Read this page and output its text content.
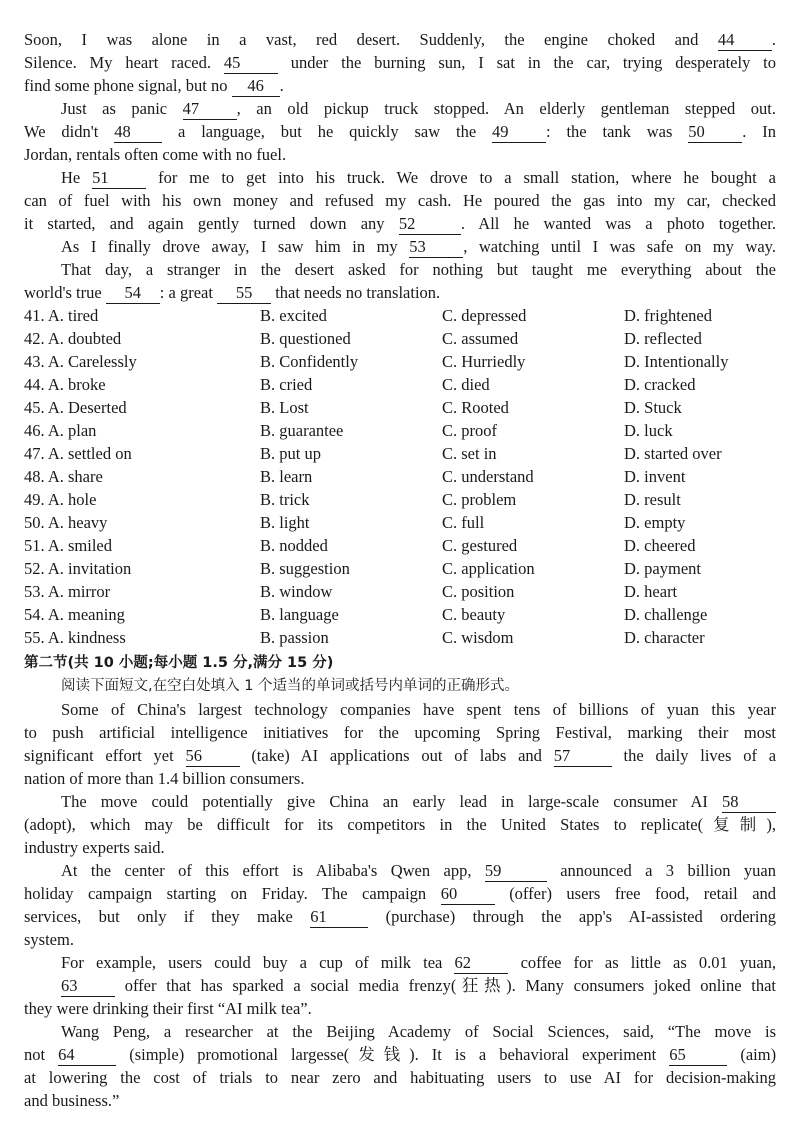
Soon, I was alone in a vast, red desert. Suddenly, the engine choked and 44 .
Silence. My heart raced. 45	under the burning sun, I sat in the car, trying desperately to
find some phone signal, but no 46 .
Just as panic 47 , an old pickup truck stopped. An elderly gentleman stepped out.
We didn't 48	a language, but he quickly saw the 49 : the tank was 50 . In
Jordan, rentals often come with no fuel.
He 51	for me to get into his truck. We drove to a small station, where he bought a
can of fuel with his own money and refused my cash. He poured the gas into my car, checked
it started, and again gently turned down any 52	. All he wanted was a photo together.
As I finally drove away, I saw him in my 53 , watching until I was safe on my way.
That day, a stranger in the desert asked for nothing but taught me everything about the
world's true 54 : a great 55 that needs no translation.
41. A. tired	B. excited	C. depressed	D. frightened
42. A. doubted	B. questioned	C. assumed	D. reflected
43. A. Carelessly	B. Confidently	C. Hurriedly	D. Intentionally
44. A. broke	B. cried	C. died	D. cracked
45. A. Deserted	B. Lost	C. Rooted	D. Stuck
46. A. plan	B. guarantee	C. proof	D. luck
47. A. settled on	B. put up	C. set in	D. started over
48. A. share	B. learn	C. understand	D. invent
49. A. hole	B. trick	C. problem	D. result
50. A. heavy	B. light	C. full	D. empty
51. A. smiled	B. nodded	C. gestured	D. cheered
52. A. invitation	B. suggestion	C. application	D. payment
53. A. mirror	B. window	C. position	D. heart
54. A. meaning	B. language	C. beauty	D. challenge
55. A. kindness	B. passion	C. wisdom	D. character
第二节(共 10 小题;每小题 1.5 分,满分 15 分)
阅读下面短文,在空白处填入 1 个适当的单词或括号内单词的正确形式。
Some of China's largest technology companies have spent tens of billions of yuan this year
to push artificial intelligence initiatives for the upcoming Spring Festival, marking their most
significant effort yet 56	(take) AI applications out of labs and 57	the daily lives of a
nation of more than 1.4 billion consumers.
The move could potentially give China an early lead in large-scale consumer AI 58
(adopt), which may be difficult for its competitors in the United States to replicate(复制),
industry experts said.
At the center of this effort is Alibaba's Qwen app, 59	announced a 3 billion yuan
holiday campaign starting on Friday. The campaign 60	(offer) users free food, retail and
services, but only if they make 61	(purchase) through the app's AI-assisted ordering
system.
For example, users could buy a cup of milk tea 62	coffee for as little as 0.01 yuan,
63	offer that has sparked a social media frenzy(狂热). Many consumers joked online that
they were drinking their first “AI milk tea”.
Wang Peng, a researcher at the Beijing Academy of Social Sciences, said, “The move is
not 64	(simple) promotional largesse(发钱). It is a behavioral experiment 65	(aim)
at lowering the cost of trials to near zero and habituating users to use AI for decision-making
and business.”
